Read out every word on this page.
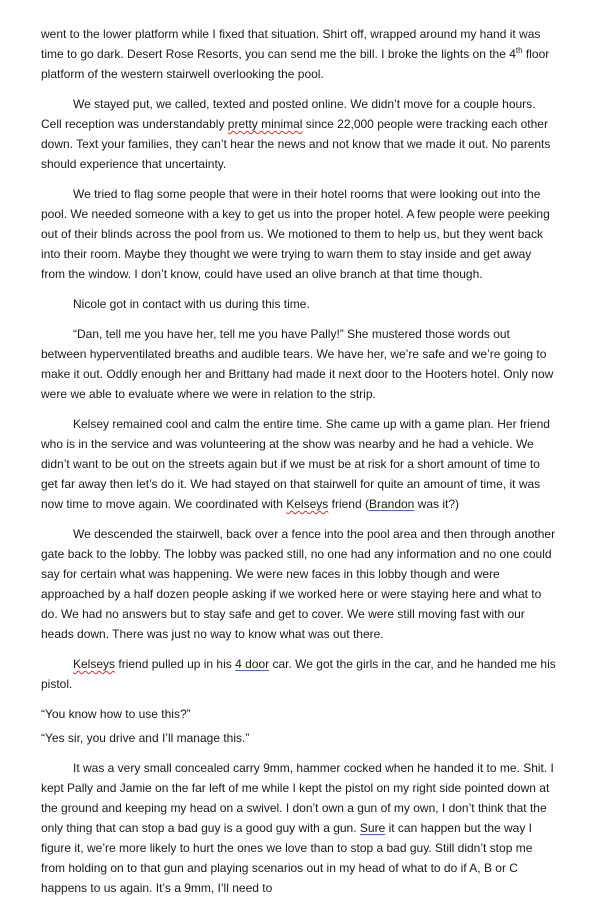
went to the lower platform while I fixed that situation. Shirt off, wrapped around my hand it was time to go dark. Desert Rose Resorts, you can send me the bill. I broke the lights on the 4th floor platform of the western stairwell overlooking the pool.

We stayed put, we called, texted and posted online. We didn’t move for a couple hours. Cell reception was understandably pretty minimal since 22,000 people were tracking each other down. Text your families, they can’t hear the news and not know that we made it out. No parents should experience that uncertainty.

We tried to flag some people that were in their hotel rooms that were looking out into the pool. We needed someone with a key to get us into the proper hotel. A few people were peeking out of their blinds across the pool from us. We motioned to them to help us, but they went back into their room. Maybe they thought we were trying to warn them to stay inside and get away from the window. I don’t know, could have used an olive branch at that time though.

Nicole got in contact with us during this time.

“Dan, tell me you have her, tell me you have Pally!” She mustered those words out between hyperventilated breaths and audible tears. We have her, we’re safe and we’re going to make it out. Oddly enough her and Brittany had made it next door to the Hooters hotel. Only now were we able to evaluate where we were in relation to the strip.

Kelsey remained cool and calm the entire time. She came up with a game plan. Her friend who is in the service and was volunteering at the show was nearby and he had a vehicle. We didn’t want to be out on the streets again but if we must be at risk for a short amount of time to get far away then let’s do it. We had stayed on that stairwell for quite an amount of time, it was now time to move again. We coordinated with Kelseys friend (Brandon was it?)

We descended the stairwell, back over a fence into the pool area and then through another gate back to the lobby. The lobby was packed still, no one had any information and no one could say for certain what was happening. We were new faces in this lobby though and were approached by a half dozen people asking if we worked here or were staying here and what to do. We had no answers but to stay safe and get to cover. We were still moving fast with our heads down. There was just no way to know what was out there.

Kelseys friend pulled up in his 4 door car. We got the girls in the car, and he handed me his pistol.

“You know how to use this?”

“Yes sir, you drive and I’ll manage this.”

It was a very small concealed carry 9mm, hammer cocked when he handed it to me. Shit. I kept Pally and Jamie on the far left of me while I kept the pistol on my right side pointed down at the ground and keeping my head on a swivel. I don’t own a gun of my own, I don’t think that the only thing that can stop a bad guy is a good guy with a gun. Sure it can happen but the way I figure it, we’re more likely to hurt the ones we love than to stop a bad guy. Still didn’t stop me from holding on to that gun and playing scenarios out in my head of what to do if A, B or C happens to us again. It’s a 9mm, I’ll need to
